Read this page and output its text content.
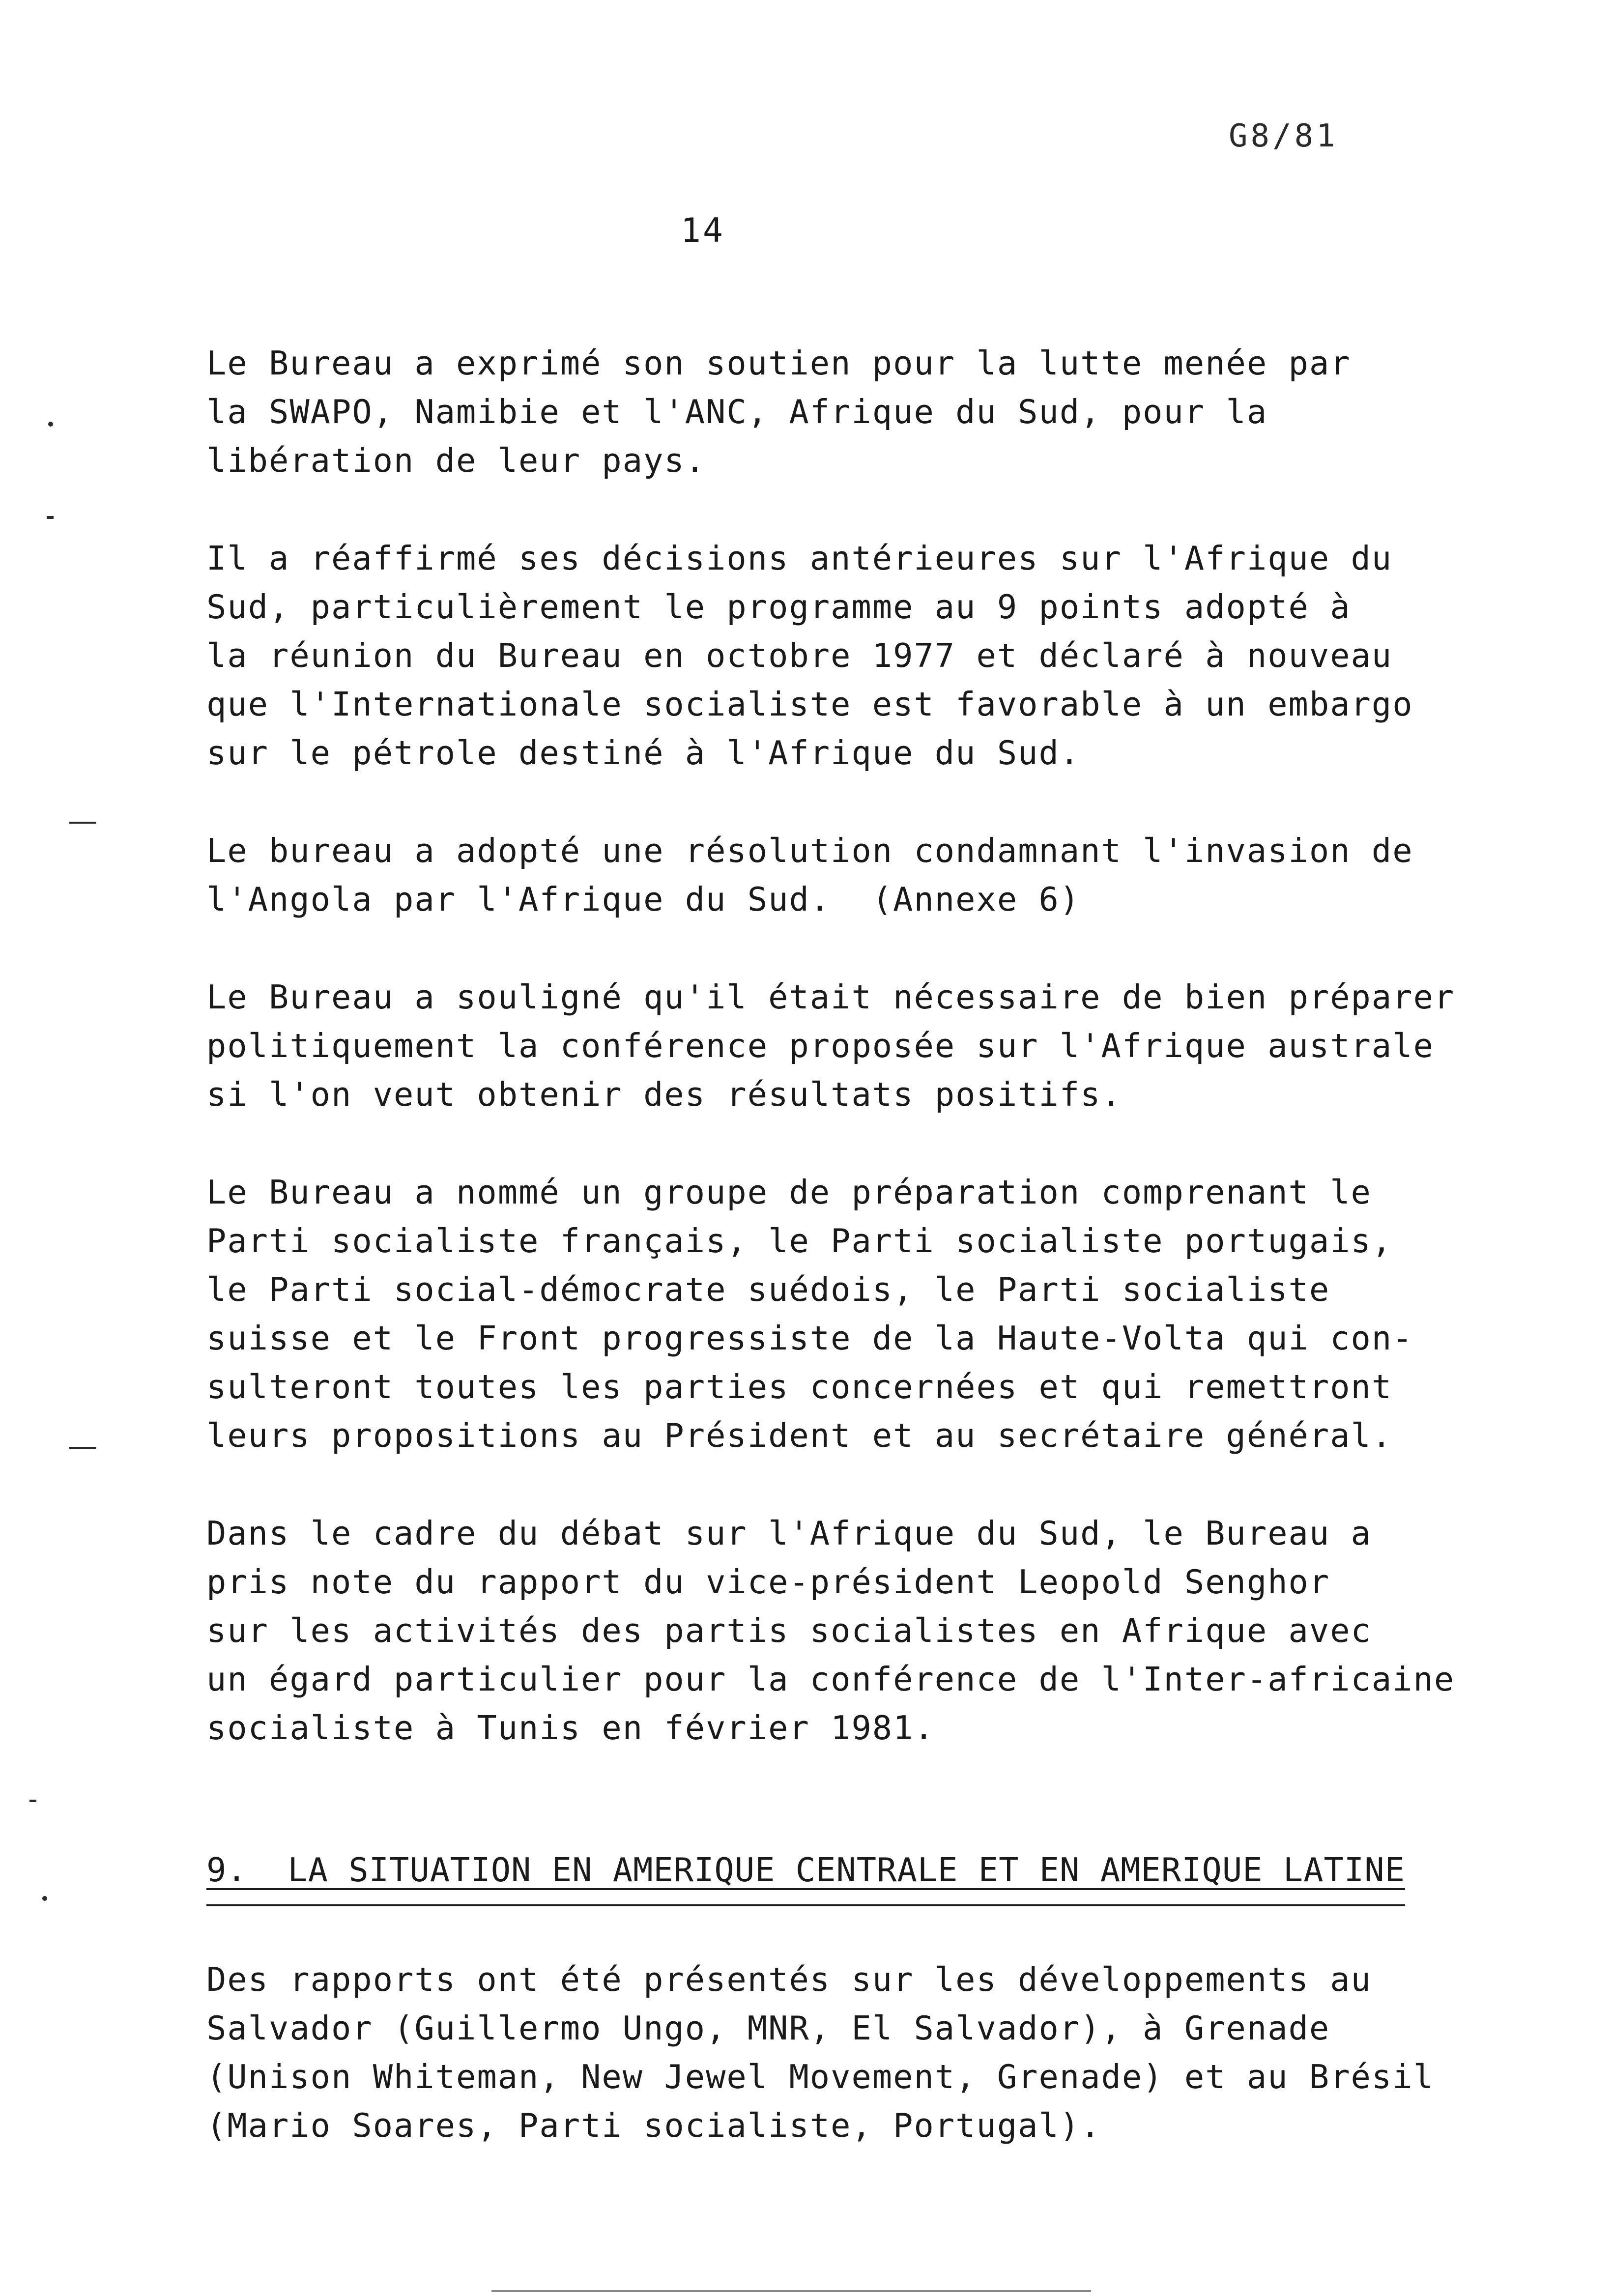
G8/81
14
Le Bureau a exprimé son soutien pour la lutte menée par
la SWAPO, Namibie et l'ANC, Afrique du Sud, pour la
libération de leur pays.
Il a réaffirmé ses décisions antérieures sur l'Afrique du
Sud, particulièrement le programme au 9 points adopté à
la réunion du Bureau en octobre 1977 et déclaré à nouveau
que l'Internationale socialiste est favorable à un embargo
sur le pétrole destiné à l'Afrique du Sud.
Le bureau a adopté une résolution condamnant l'invasion de
l'Angola par l'Afrique du Sud.  (Annexe 6)
Le Bureau a souligné qu'il était nécessaire de bien préparer
politiquement la conférence proposée sur l'Afrique australe
si l'on veut obtenir des résultats positifs.
Le Bureau a nommé un groupe de préparation comprenant le
Parti socialiste français, le Parti socialiste portugais,
le Parti social-démocrate suédois, le Parti socialiste
suisse et le Front progressiste de la Haute-Volta qui con-
sulteront toutes les parties concernées et qui remettront
leurs propositions au Président et au secrétaire général.
Dans le cadre du débat sur l'Afrique du Sud, le Bureau a
pris note du rapport du vice-président Leopold Senghor
sur les activités des partis socialistes en Afrique avec
un égard particulier pour la conférence de l'Inter-africaine
socialiste à Tunis en février 1981.
9.  LA SITUATION EN AMERIQUE CENTRALE ET EN AMERIQUE LATINE
Des rapports ont été présentés sur les développements au
Salvador (Guillermo Ungo, MNR, El Salvador), à Grenade
(Unison Whiteman, New Jewel Movement, Grenade) et au Brésil
(Mario Soares, Parti socialiste, Portugal).
